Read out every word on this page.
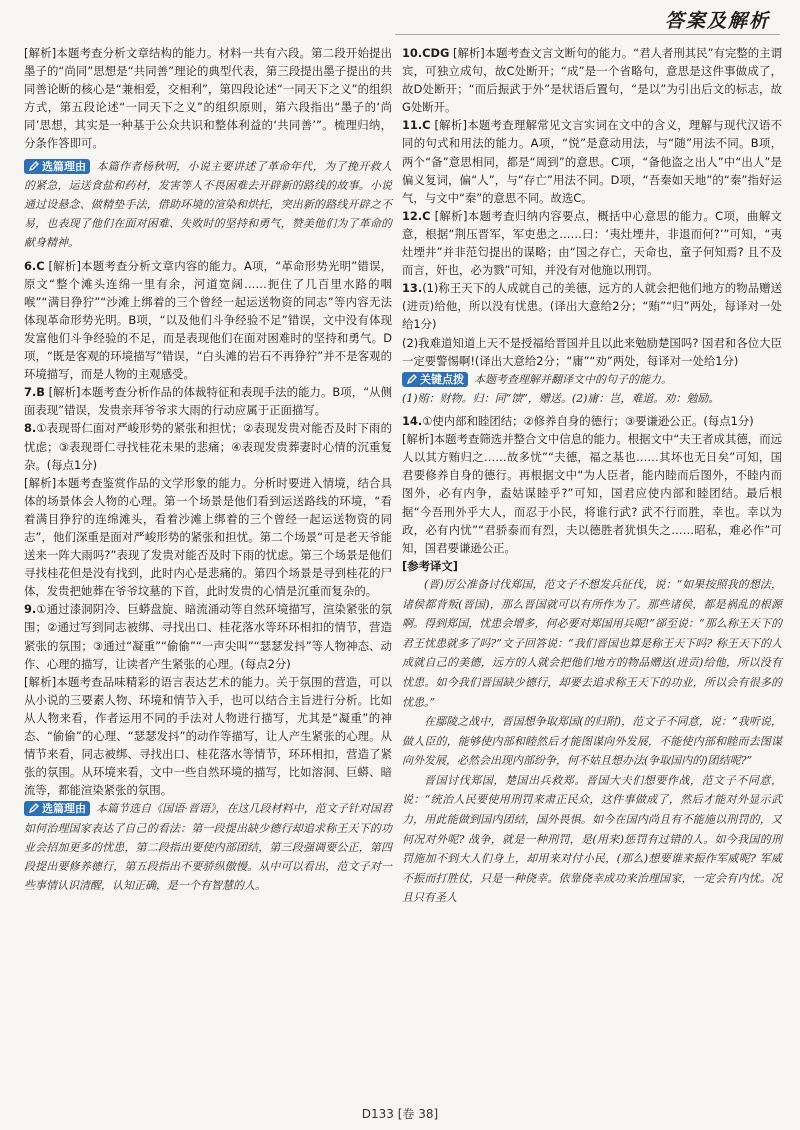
答案及解析

[解析]本题考查分析文章结构的能力。材料一共有六段。第二段开始提出墨子的“尚同”思想是“共同善”理论的典型代表，第三段提出墨子提出的共同善论断的核心是“兼相爱，交相利”，第四段论述“一同天下之义”的组织方式，第五段论述“一同天下之义”的组织原则，第六段指出“墨子的‘尚同’思想，其实是一种基于公众共识和整体利益的‘共同善’”。梳理归纳，分条作答即可。

选篇理由 本篇作者杨秋明，小说主要讲述了革命年代，为了挽开救人的紧急，运送食盐和药材，发害等人不畏困难去开辟新的路线的故事。小说通过设悬念、做精垫手法，借助环境的渲染和烘托，突出新的路线开辟之不易，也表现了他们在面对困难、失败时的坚持和勇气，赞美他们为了革命的献身精神。

6.C [解析]本题考查分析文章内容的能力。A项，“革命形势光明”错误，原文“整个滩头连绵一里有余，河道宽阔……扼住了几百里水路的咽喉”“满目狰狞”“沙滩上绑着的三个曾经一起运送物资的同志”等内容无法体现革命形势光明。B项，“以及他们斗争经验不足”错误，文中没有体现发富他们斗争经验的不足，而是表现他们在面对困难时的坚持和勇气。D项，“既是客观的环境描写”错误，“白头滩的岩石不再狰狞”并不是客观的环境描写，而是人物的主观感受。

7.B [解析]本题考查分析作品的体裁特征和表现手法的能力。B项，“从侧面表现”错误，发贵亲拜爷爷求大雨的行动应属于正面描写。

8.①表现哥仁面对严峻形势的紧张和担忧；②表现发贵对能否及时下雨的忧虑；③表现哥仁寻找桂花未果的悲痛；④表现发贵葬妻时心情的沉重复杂。(每点1分)

[解析]本题考查鉴赏作品的文学形象的能力。分析时要进入情境，结合具体的场景体会人物的心理。第一个场景是他们看到运送路线的环境，“看着满目狰狞的连绵滩头，看着沙滩上绑着的三个曾经一起运送物资的同志”，他们深重是面对严峻形势的紧张和担忧。第二个场景“可是老天爷能送来一阵大雨吗?”表现了发贵对能否及时下雨的忧虑。第三个场景是他们寻找桂花但是没有找到，此时内心是悲痛的。第四个场景是寻到桂花的尸体，发贵把她葬在爷爷坟墓的下首，此时发贵的心情是沉重而复杂的。

9.①通过漆洞阴冷、巨蟒盘旋、暗流涌动等自然环境描写，渲染紧张的氛围；②通过写到同志被绑、寻找出口、桂花落水等环环相扣的情节，营造紧张的氛围；③通过“凝重”“偷偷”“一声尖叫”“瑟瑟发抖”等人物神态、动作、心理的描写，让读者产生紧张的心理。(每点2分)

[解析]本题考查品味精彩的语言表达艺术的能力。关于氛围的营造，可以从小说的三要素人物、环境和情节入手，也可以结合主旨进行分析。比如从人物来看，作者运用不同的手法对人物进行描写，尤其是“凝重”的神态、“偷偷”的心理、“瑟瑟发抖”的动作等描写，让人产生紧张的心理。从情节来看，同志被绑、寻找出口、桂花落水等情节，环环相扣，营造了紧张的氛围。从环境来看，文中一些自然环境的描写，比如溶洞、巨蟒、暗流等，都能渲染紧张的氛围。

选篇理由 本篇节选自《国语·晋语》，在这几段材料中，范文子针对国君如何治理国家表达了自己的看法：第一段提出缺少德行却追求称王天下的功业会招加更多的忧患，第二段指出要使内部团结，第三段强调要公正，第四段提出要修养德行，第五段指出不要骄纵傲慢。从中可以看出，范文子对一些事情认识清醒，认知正确，是一个有智慧的人。

10.CDG [解析]本题考查文言文断句的能力。“君人者刑其民”有完整的主谓宾，可独立成句，故C处断开；“成”是一个省略句，意思是这件事做成了，故D处断开；“而后振武于外”是状语后置句，“是以”为引出后文的标志，故G处断开。

11.C [解析]本题考查理解常见文言实词在文中的含义，理解与现代汉语不同的句式和用法的能力。A项，“悦”是意动用法，与“随”用法不同。B项，两个“备”意思相同，都是“周到”的意思。C项，“备他盗之出人”中“出人”是偏义复词，偏“人”，与“存亡”用法不同。D项，“吾秦如天地”的“秦”指好运气，与文中“秦”的意思不同。故选C。

12.C [解析]本题考查归纳内容要点，概括中心意思的能力。C项，曲解文意，根据“荆压晋军，军吏患之……曰：‘夷灶堙井，非退而何?’”可知，“夷灶堙井”并非范匄提出的谋略；由“国之存亡，天命也，童子何知焉? 且不及而言，奸也，必为戮”可知，并没有对他施以刑罚。

13.(1)称王天下的人成就自己的美德，远方的人就会把他们地方的物品赠送(进贡)给他，所以没有忧患。(译出大意给2分；“贿”“归”两处，每译对一处给1分)

(2)我难道知道上天不是授福给晋国并且以此来勉励楚国吗? 国君和各位大臣一定要警惕啊!(译出大意给2分；“庸”“劝”两处，每译对一处给1分)

关键点拨 本题考查理解并翻译文中的句子的能力。

(1)贿：财物。归：同“馈”，赠送。(2)庸：岂，难道。劝：勉励。

14.①使内部和睦团结；②修养自身的德行；③要谦逊公正。(每点1分)

[解析]本题考查筛选并整合文中信息的能力。根据文中“夫王者成其德，而远人以其方贿归之……故多忧”“夫德，福之基也……其坏也无日矣”可知，国君要修养自身的德行。再根据文中“为人臣者，能内睦而后图外，不睦内而图外，必有内争，盍姑谋睦乎?”可知，国君应使内部和睦团结。最后根据“今吾刑外乎大人，而忍于小民，将谁行武? 武不行而胜，幸也。幸以为政，必有内忧”“君骄泰而有烈，夫以德胜者犹惧失之……昭私，难必作”可知，国君要谦逊公正。

[参考译文]

(晋)厉公准备讨伐郑国，范文子不想发兵征伐，说：“如果按照我的想法，诸侯都背叛(晋国)，那么晋国就可以有所作为了。那些诸侯，都是祸乱的根源啊。得到郑国，忧患会增多，何必要对郑国用兵呢!”郤至说：“那么称王天下的君王忧患就多了吗?”文子回答说：“我们晋国也算是称王天下吗? 称王天下的人成就自己的美德，远方的人就会把他们地方的物品赠送(进贡)给他，所以没有忧患。如今我们晋国缺少德行，却要去追求称王天下的功业，所以会有很多的忧患。”

在鄢陵之战中，晋国想争取郑国(的归附)，范文子不同意，说：“我听说，做人臣的，能够使内部和睦然后才能图谋向外发展，不能使内部和睦而去图谋向外发展，必然会出现内部纷争，何不姑且想办法(争取国内的)团结呢?”

晋国讨伐郑国，楚国出兵救郑。晋国大夫们想要作战，范文子不同意，说：“统治人民要使用刑罚来肃正民众，这件事做成了，然后才能对外显示武力，用此能做到国内团结，国外畏惧。如今在国内尚且有不能施以刑罚的，又何况对外呢? 战争，就是一种刑罚，是(用来)惩罚有过错的人。如今我国的刑罚施加不到大人们身上，却用来对付小民，(那么)想要谁来振作军威呢? 军威不振而打胜仗，只是一种侥幸。依靠侥幸成功来治理国家，一定会有内忧。况且只有圣人

D133 [卷 38]
